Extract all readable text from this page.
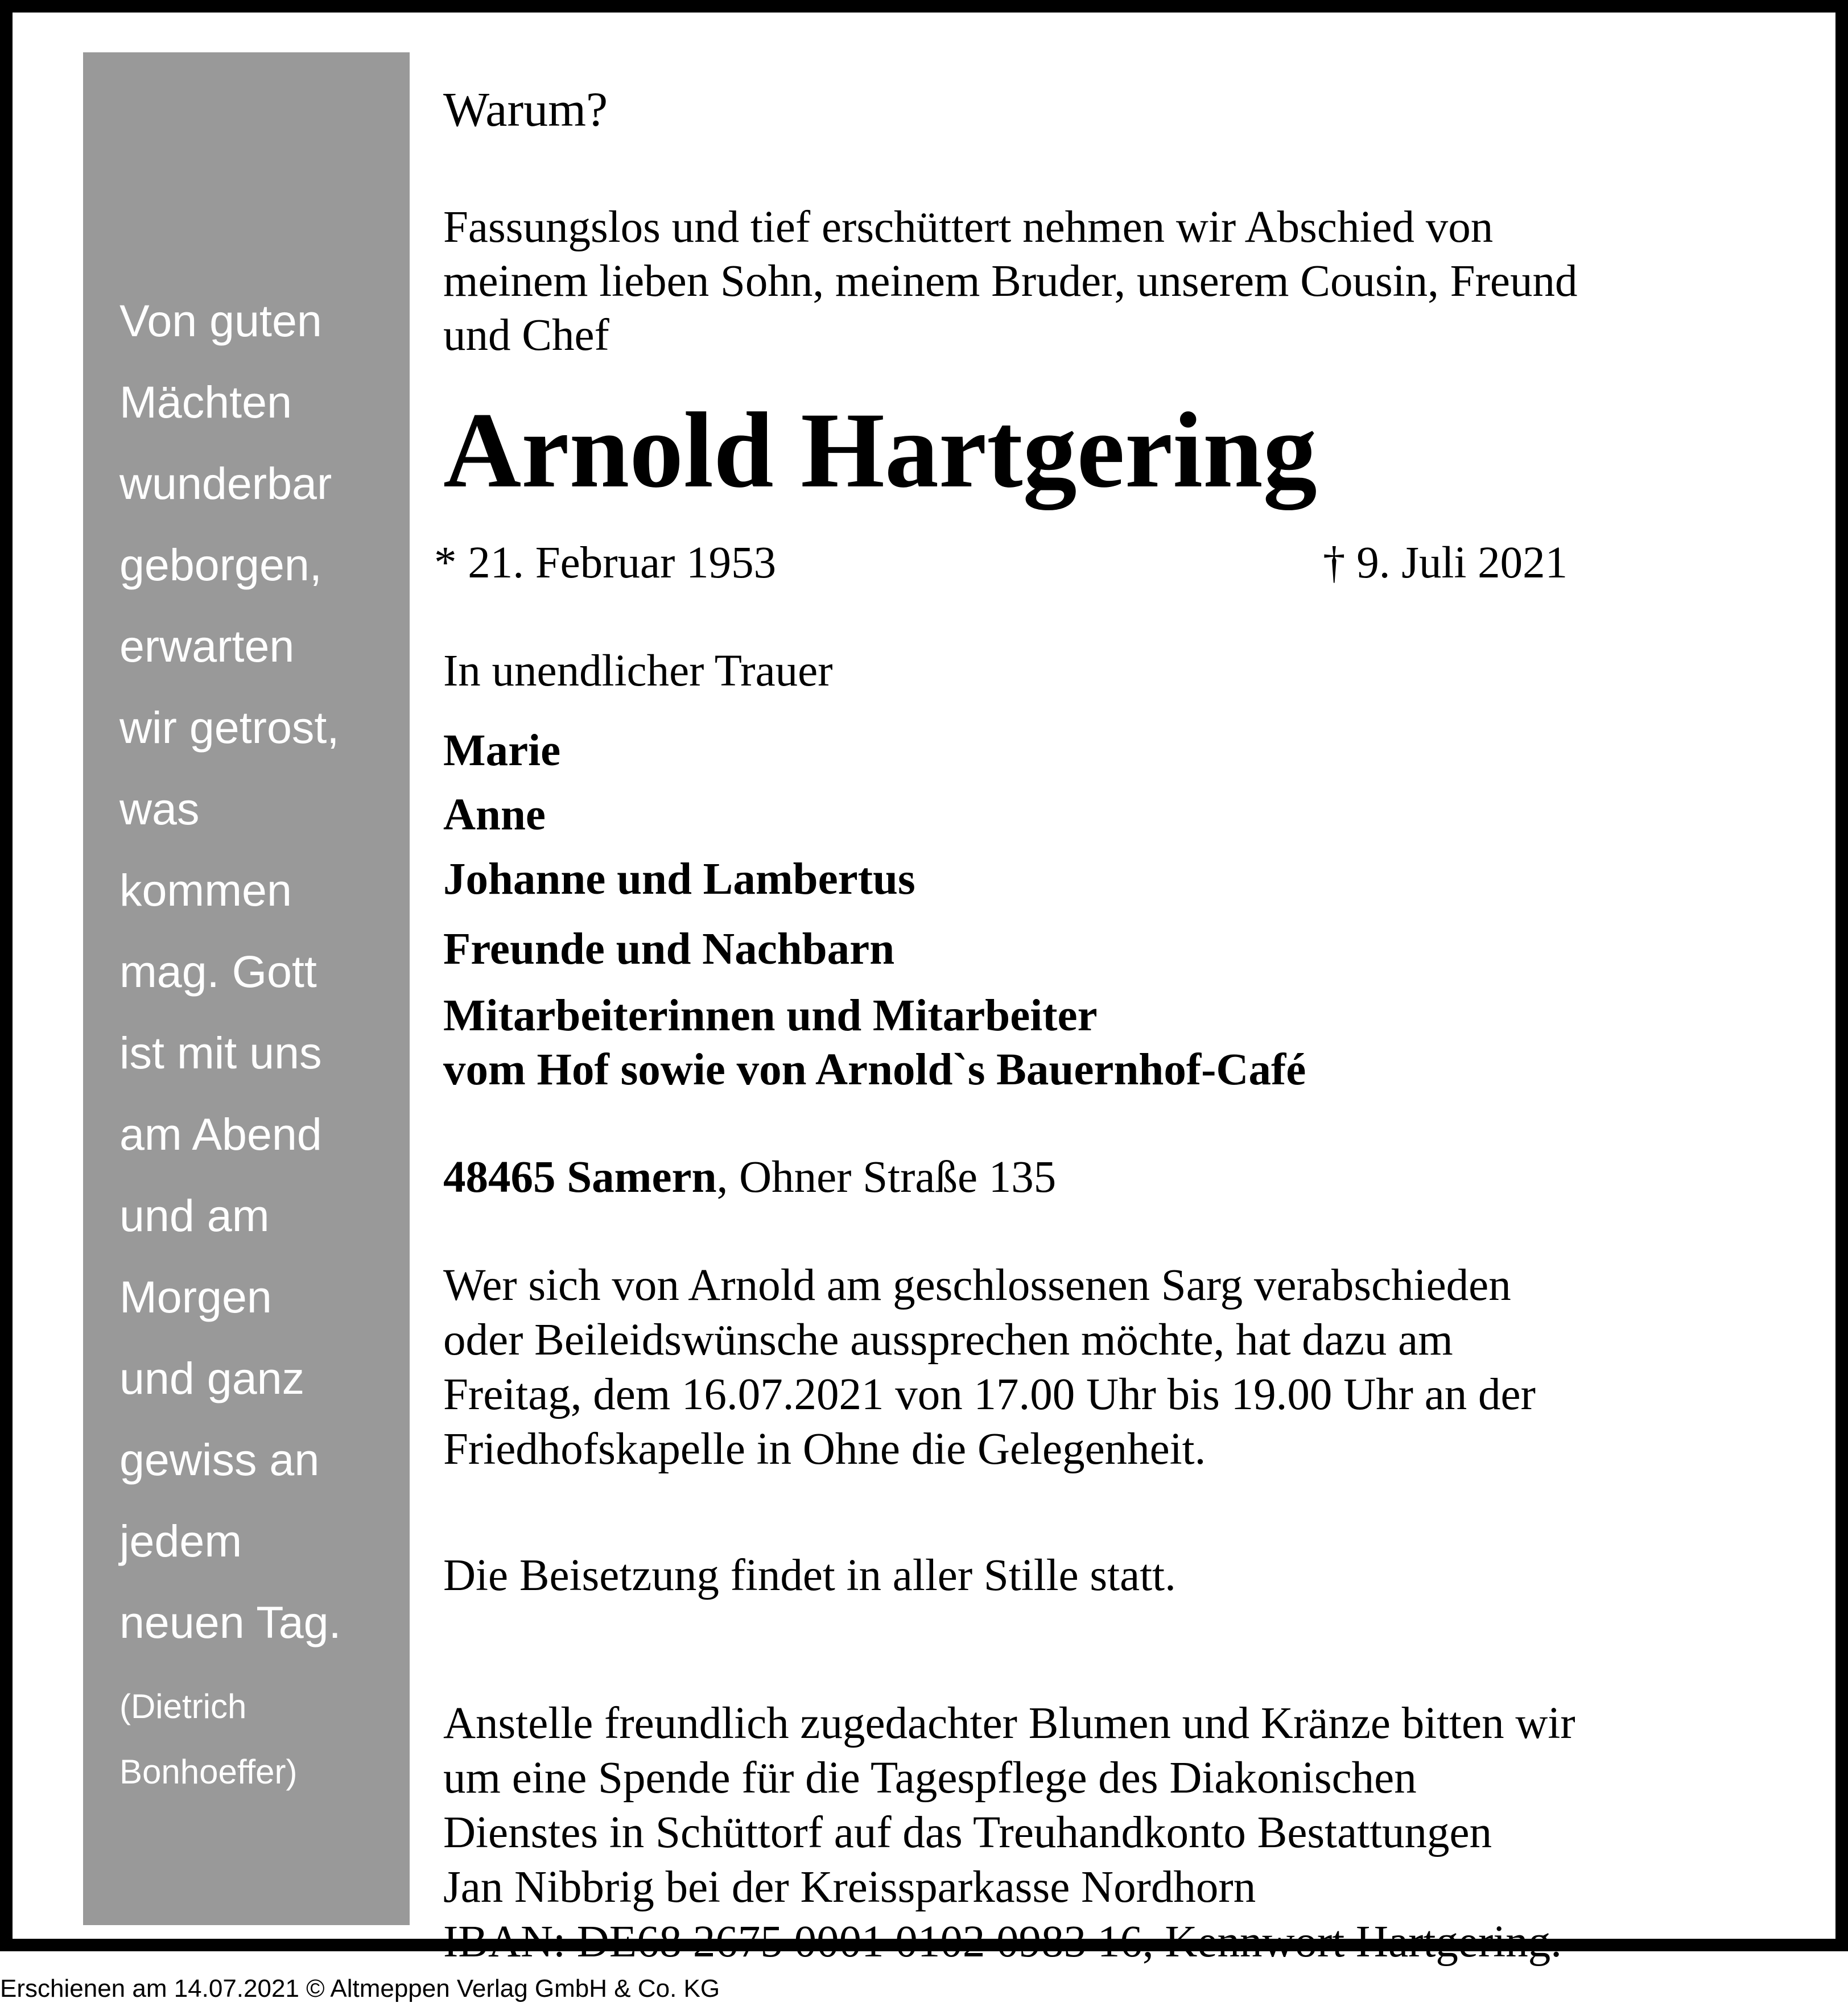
Von guten
Mächten
wunderbar
geborgen,
erwarten
wir getrost,
was
kommen
mag. Gott
ist mit uns
am Abend
und am
Morgen
und ganz
gewiss an
jedem
neuen Tag.
(Dietrich
Bonhoeffer)
Warum?
Fassungslos und tief erschüttert nehmen wir Abschied von
meinem lieben Sohn, meinem Bruder, unserem Cousin, Freund
und Chef
Arnold Hartgering
* 21. Februar 1953	† 9. Juli 2021
In unendlicher Trauer
Marie
Anne
Johanne und Lambertus
Freunde und Nachbarn
Mitarbeiterinnen und Mitarbeiter
vom Hof sowie von Arnold`s Bauernhof-Café
48465 Samern, Ohner Straße 135
Wer sich von Arnold am geschlossenen Sarg verabschieden
oder Beileidswünsche aussprechen möchte, hat dazu am
Freitag, dem 16.07.2021 von 17.00 Uhr bis 19.00 Uhr an der
Friedhofskapelle in Ohne die Gelegenheit.
Die Beisetzung findet in aller Stille statt.
Anstelle freundlich zugedachter Blumen und Kränze bitten wir
um eine Spende für die Tagespflege des Diakonischen
Dienstes in Schüttorf auf das Treuhandkonto Bestattungen
Jan Nibbrig bei der Kreissparkasse Nordhorn
IBAN: DE68 2675 0001 0102 0983 16, Kennwort Hartgering.
Erschienen am 14.07.2021 © Altmeppen Verlag GmbH & Co. KG
